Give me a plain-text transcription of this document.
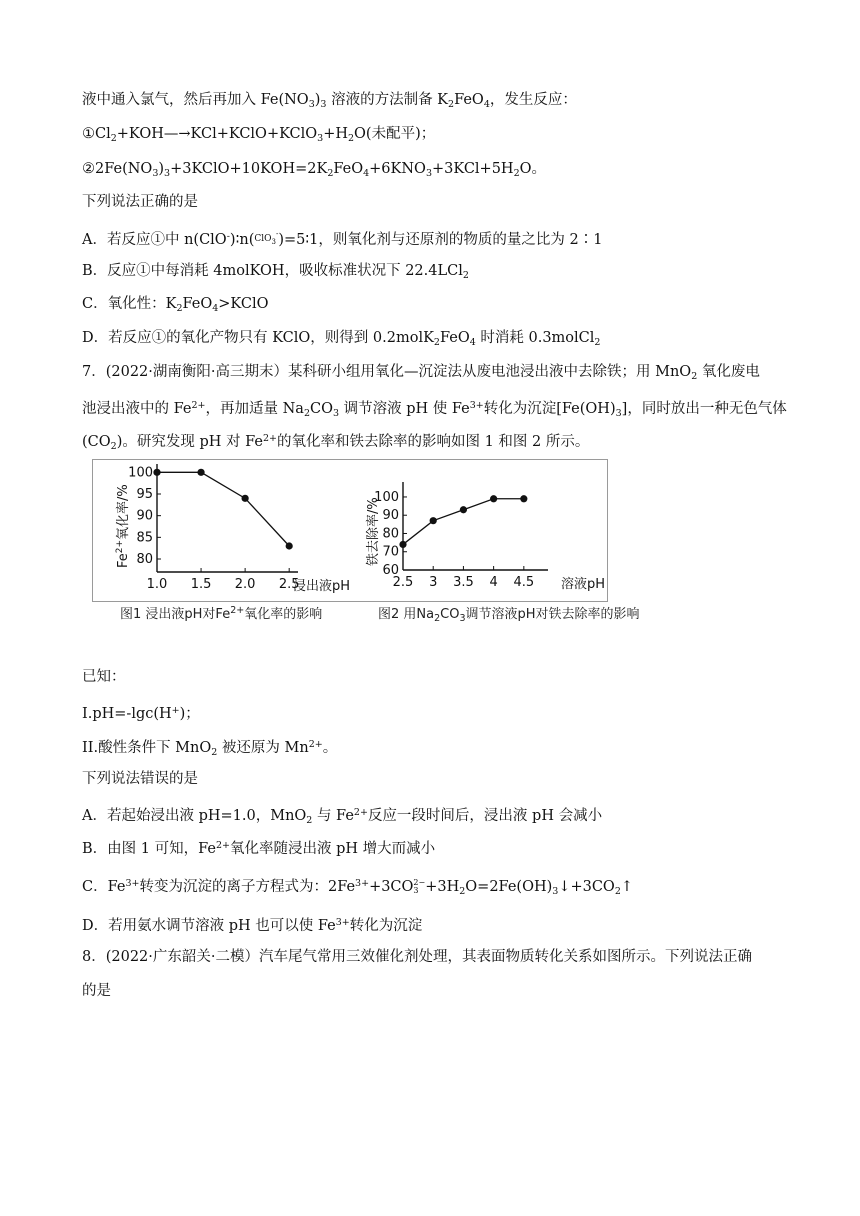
液中通入氯气，然后再加入 $Fe(NO_3)_3$ 溶液的方法制备 $K_2FeO_4$，发生反应：
$①Cl_2+KOH—\to KCl+KClO+KClO_3+H_2O$(未配平)；
$②2Fe(NO_3)_3+3KClO+10KOH=2K_2FeO_4+6KNO_3+3KCl+5H_2O$。
下列说法正确的是
A．若反应①中 n(ClO-)∶n(ClO$_3$-)=5∶1，则氧化剂与还原剂的物质的量之比为 2∶1
B．反应①中每消耗 4molKOH，吸收标准状况下 22.4LCl$_2$
C．氧化性：$K_2FeO_4>KClO$
D．若反应①的氧化产物只有 KClO，则得到 0.2molK$_2$FeO$_4$ 时消耗 0.3molCl$_2$
7．(2022·湖南衡阳·高三期末）某科研小组用氧化—沉淀法从废电池浸出液中去除铁；用 MnO$_2$ 氧化废电
池浸出液中的 $Fe^{2+}$，再加适量 $Na_2CO_3$ 调节溶液 pH 使 $Fe^{3+}$转化为沉淀$[Fe(OH)_3]$，同时放出一种无色气体
$(CO_2)$。研究发现 pH 对 $Fe^{2+}$的氧化率和铁去除率的影响如图 1 和图 2 所示。
1.0 1.5 2.0 2.5
80
85
90
95
100
浸出液pH
$Fe^{2+}$氧化率/%
2.5 3 3.5 4 4.5
60
70
80
90
100
溶液pH
铁去除率/%
图1 浸出液pH对$Fe^{2+}$氧化率的影响	图2 用$Na_2CO_3$调节溶液pH对铁去除率的影响
已知：
I.pH=-lgc(H+)；
II.酸性条件下 MnO$_2$ 被还原为 $Mn^{2+}$。
下列说法错误的是
A．若起始浸出液 pH=1.0，MnO$_2$ 与 $Fe^{2+}$反应一段时间后，浸出液 pH 会减小
B．由图 1 可知，$Fe^{2+}$氧化率随浸出液 pH 增大而减小
C．$Fe^{3+}$转变为沉淀的离子方程式为：$2Fe^{3+}+3CO$ 2−
$3 +3H_2O=2Fe(OH)_3↓+3CO_2↑$
D．若用氨水调节溶液 pH 也可以使 $Fe^{3+}$转化为沉淀
8．(2022·广东韶关·二模）汽车尾气常用三效催化剂处理，其表面物质转化关系如图所示。下列说法正确
的是
